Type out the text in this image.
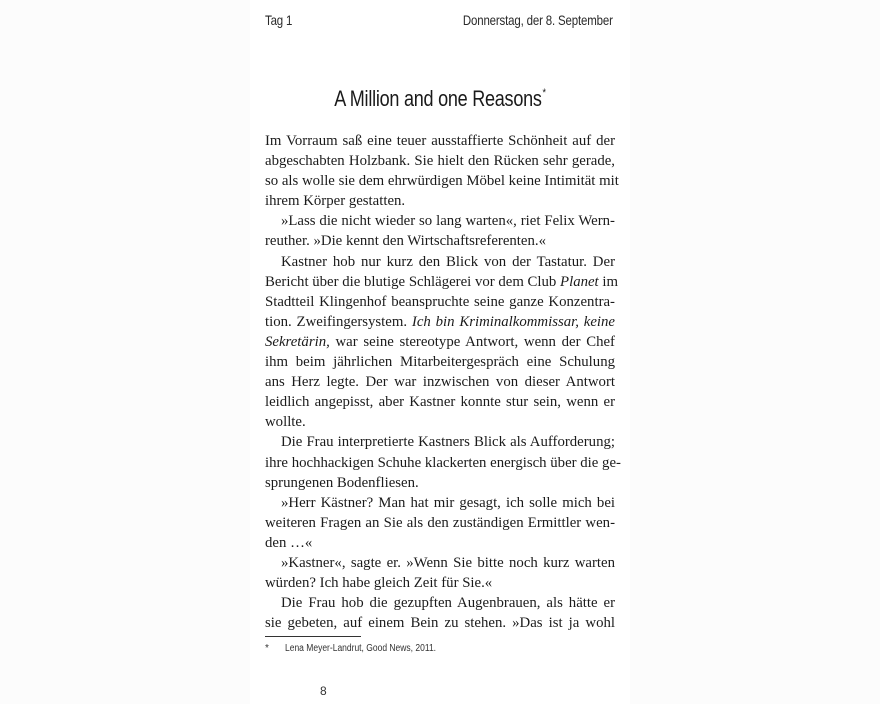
Tag 1	Donnerstag, der 8. September
A Million and one Reasons*
Im Vorraum saß eine teuer ausstaffierte Schönheit auf der
abgeschabten Holzbank. Sie hielt den Rücken sehr gerade,
so als wolle sie dem ehrwürdigen Möbel keine Intimität mit
ihrem Körper gestatten.
»Lass die nicht wieder so lang warten«, riet Felix Wern-
reuther. »Die kennt den Wirtschaftsreferenten.«
Kastner hob nur kurz den Blick von der Tastatur. Der
Bericht über die blutige Schlägerei vor dem Club Planet im
Stadtteil Klingenhof beanspruchte seine ganze Konzentra-
tion. Zweifingersystem. Ich bin Kriminalkommissar, keine
Sekretärin, war seine stereotype Antwort, wenn der Chef
ihm beim jährlichen Mitarbeitergespräch eine Schulung
ans Herz legte. Der war inzwischen von dieser Antwort
leidlich angepisst, aber Kastner konnte stur sein, wenn er
wollte.
Die Frau interpretierte Kastners Blick als Aufforderung;
ihre hochhackigen Schuhe klackerten energisch über die ge-
sprungenen Bodenfliesen.
»Herr Kästner? Man hat mir gesagt, ich solle mich bei
weiteren Fragen an Sie als den zuständigen Ermittler wen-
den …«
»Kastner«, sagte er. »Wenn Sie bitte noch kurz warten
würden? Ich habe gleich Zeit für Sie.«
Die Frau hob die gezupften Augenbrauen, als hätte er
sie gebeten, auf einem Bein zu stehen. »Das ist ja wohl
* Lena Meyer-Landrut, Good News, 2011.
8
